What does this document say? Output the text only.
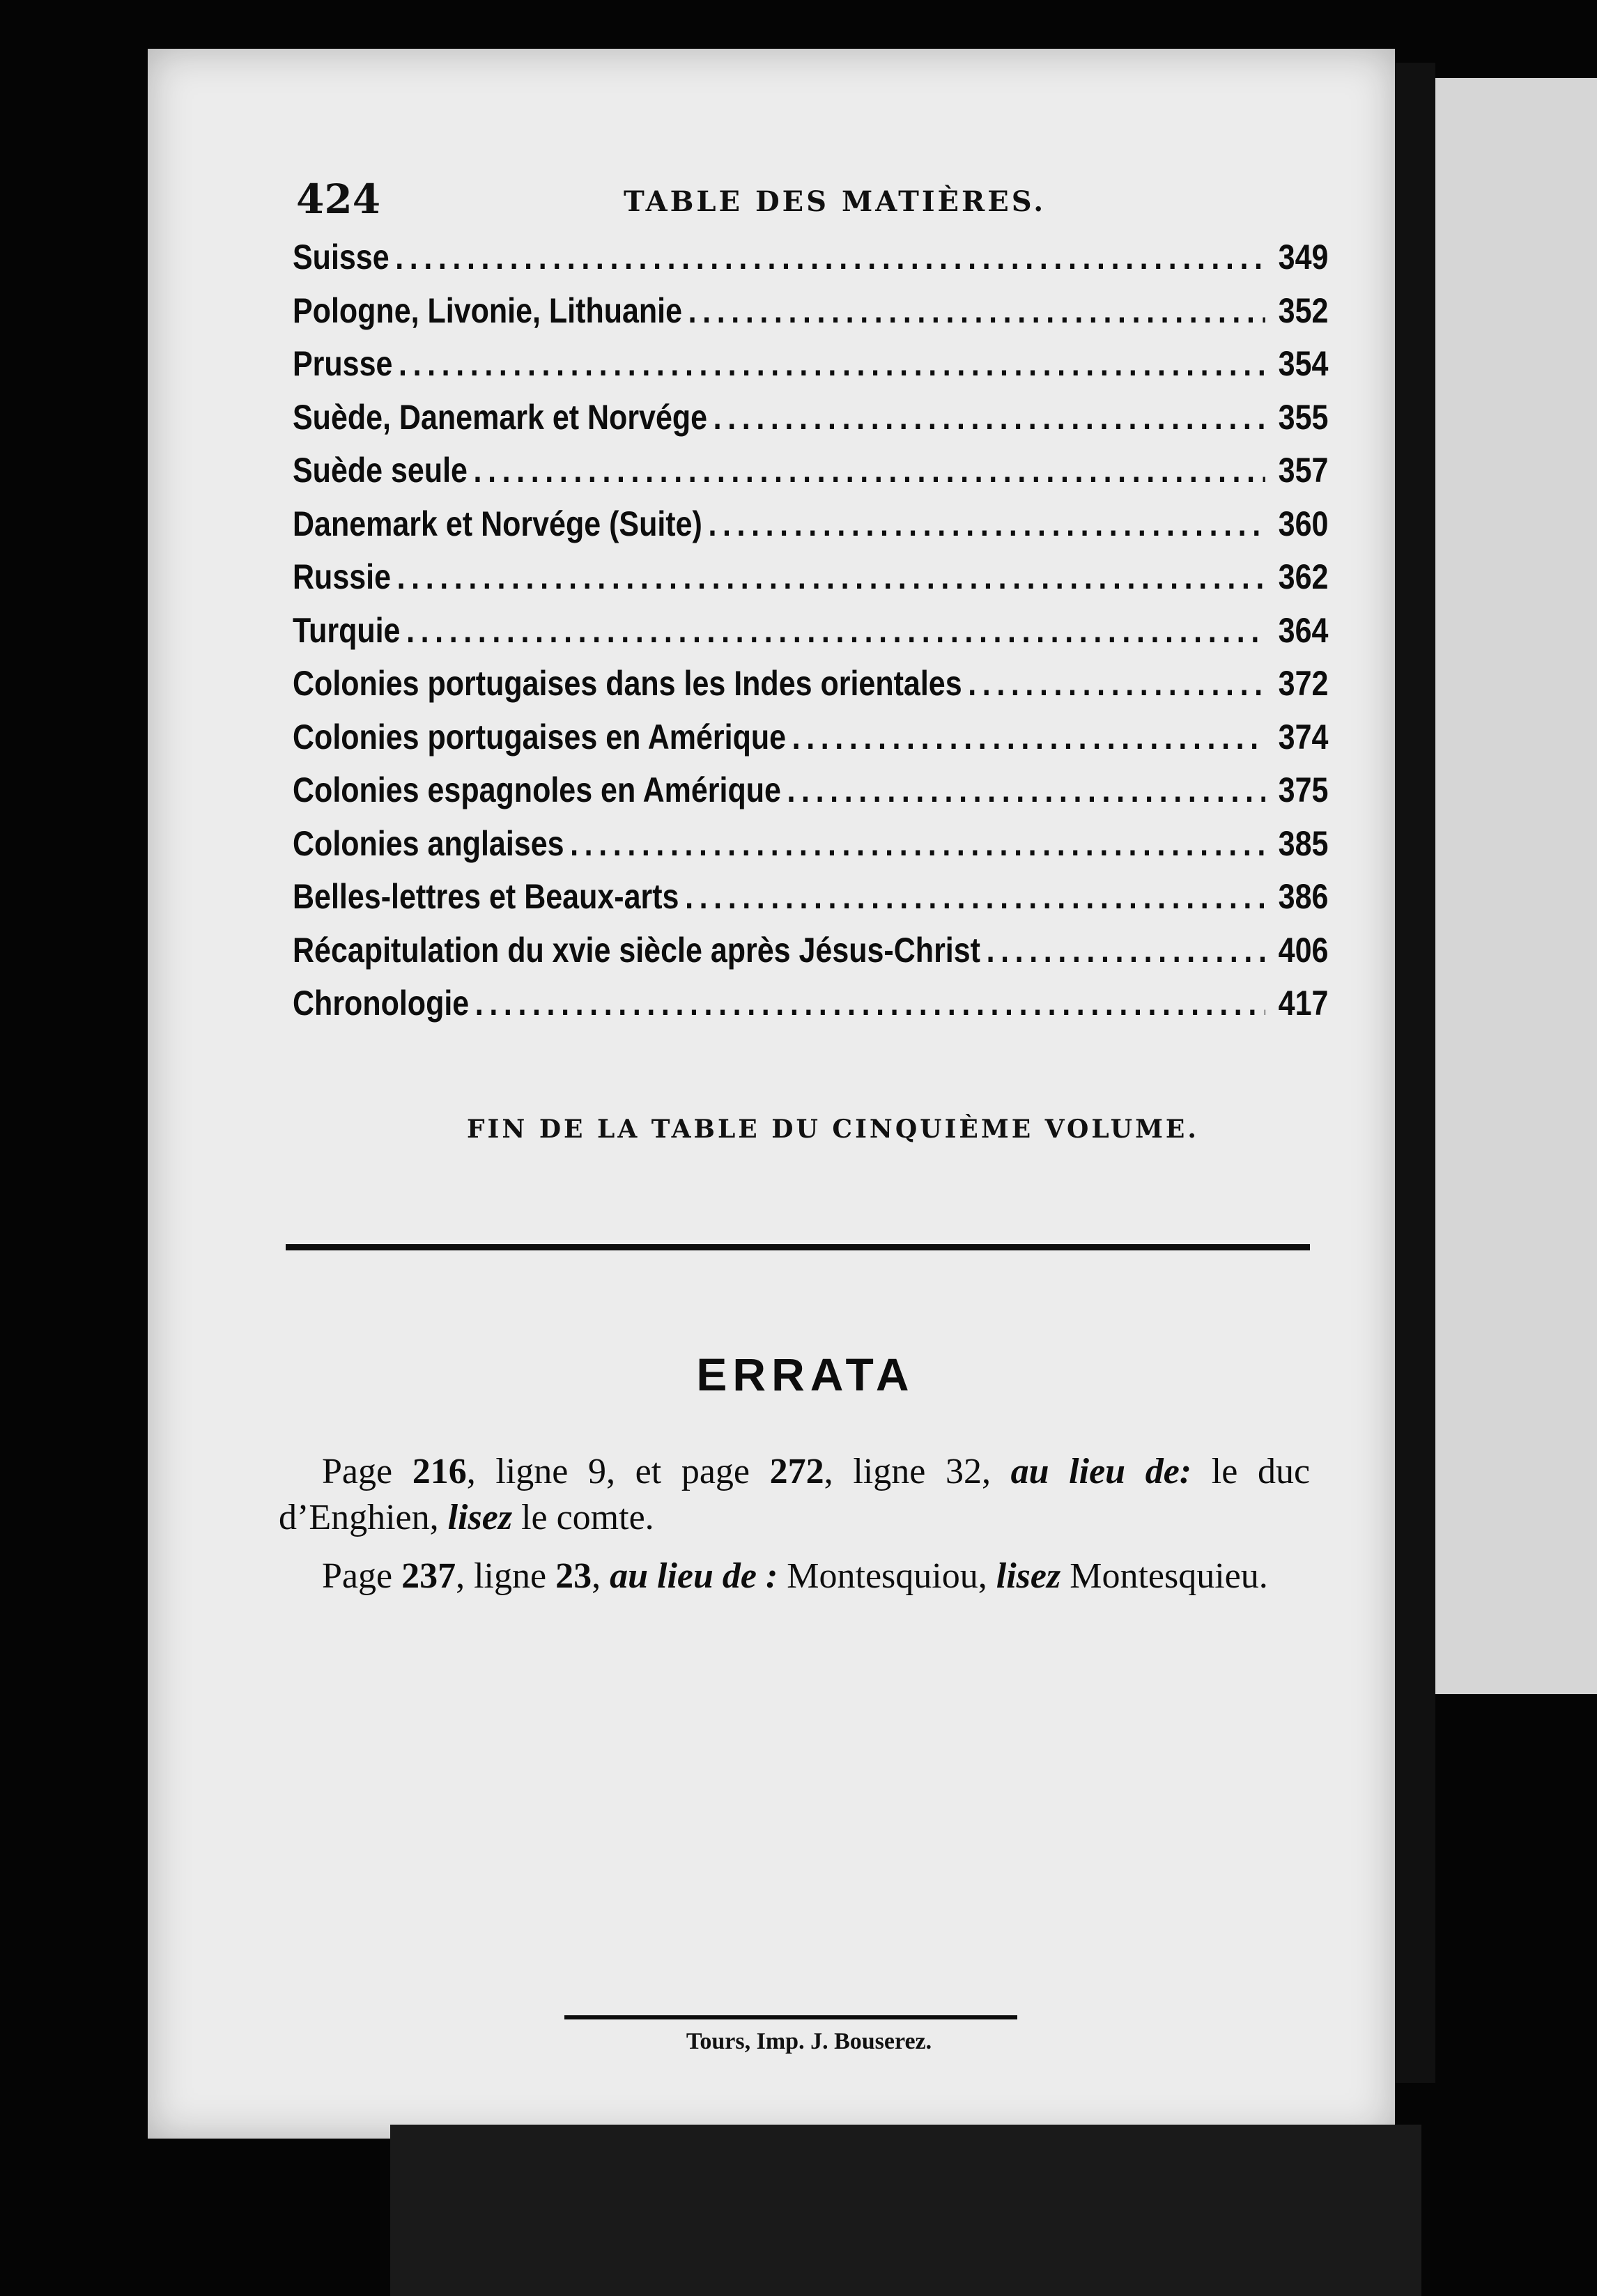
424	TABLE DES MATIÈRES.
Suisse .....	349
Pologne, Livonie, Lithuanie .....	352
Prusse .....	354
Suède, Danemark et Norvége .....	355
Suède seule .....	357
Danemark et Norvége (Suite) .....	360
Russie .....	362
Turquie .....	364
Colonies portugaises dans les Indes orientales .....	372
Colonies portugaises en Amérique .....	374
Colonies espagnoles en Amérique .....	375
Colonies anglaises .....	385
Belles-lettres et Beaux-arts .....	386
Récapitulation du xvie siècle après Jésus-Christ .....	406
Chronologie .....	417
FIN DE LA TABLE DU CINQUIÈME VOLUME.
ERRATA

Page 216, ligne 9, et page 272, ligne 32, au lieu de: le duc d’Enghien, lisez le comte.

Page 237, ligne 23, au lieu de : Montesquiou, lisez Montesquieu.

Tours, Imp. J. Bouserez.
